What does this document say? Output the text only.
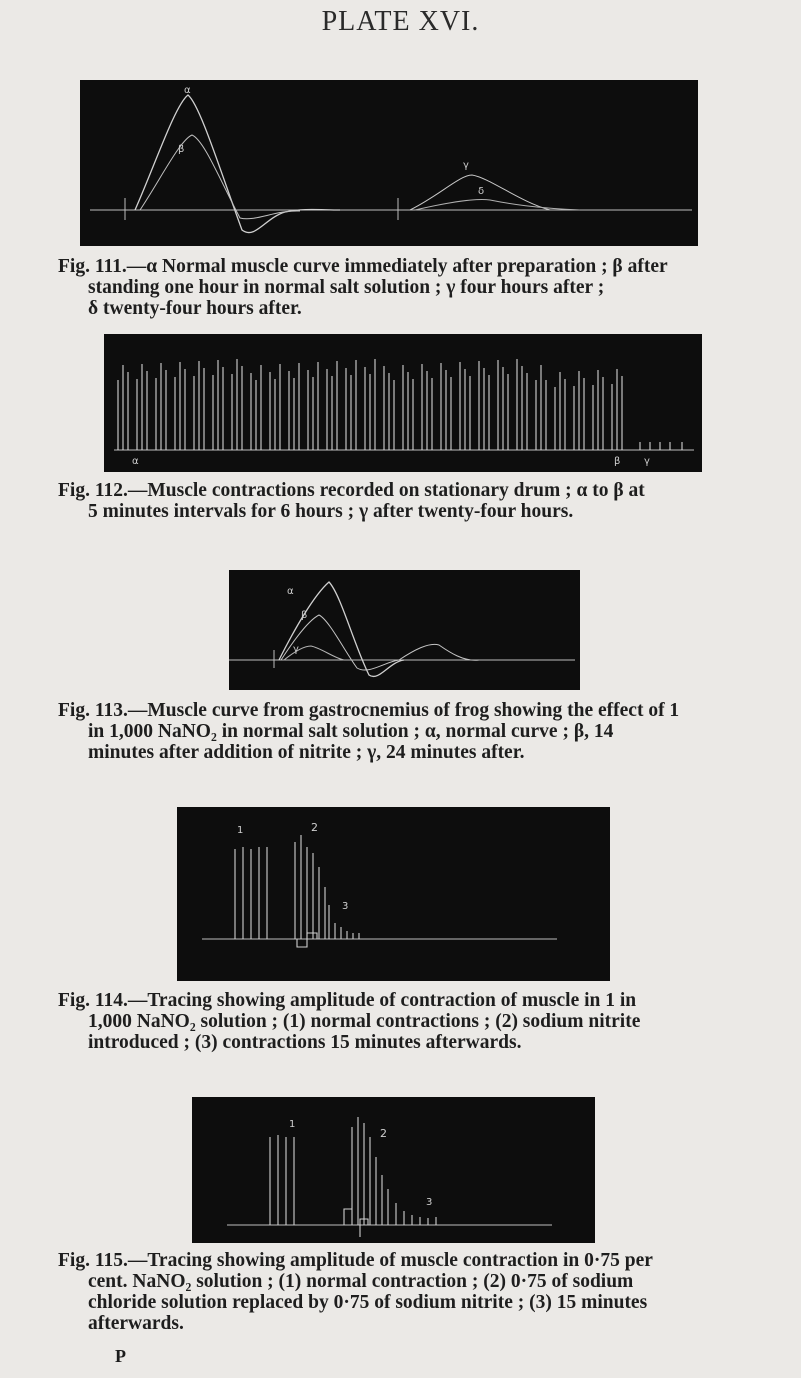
PLATE XVI.
α
β
γ
δ
Fig. 111.—α Normal muscle curve immediately after preparation ; β after
standing one hour in normal salt solution ; γ four hours after ;
δ twenty-four hours after.
α	β γ
Fig. 112.—Muscle contractions recorded on stationary drum ; α to β at
5 minutes intervals for 6 hours ; γ after twenty-four hours.
α
β
γ
Fig. 113.—Muscle curve from gastrocnemius of frog showing the effect of 1
in 1,000 NaNO₂ in normal salt solution ; α, normal curve ; β, 14
minutes after addition of nitrite ; γ, 24 minutes after.
1	2
3
Fig. 114.—Tracing showing amplitude of contraction of muscle in 1 in
1,000 NaNO₂ solution ; (1) normal contractions ; (2) sodium nitrite
introduced ; (3) contractions 15 minutes afterwards.
1
2
3
Fig. 115.—Tracing showing amplitude of muscle contraction in 0·75 per
cent. NaNO₂ solution ; (1) normal contraction ; (2) 0·75 of sodium
chloride solution replaced by 0·75 of sodium nitrite ; (3) 15 minutes
afterwards.
P
